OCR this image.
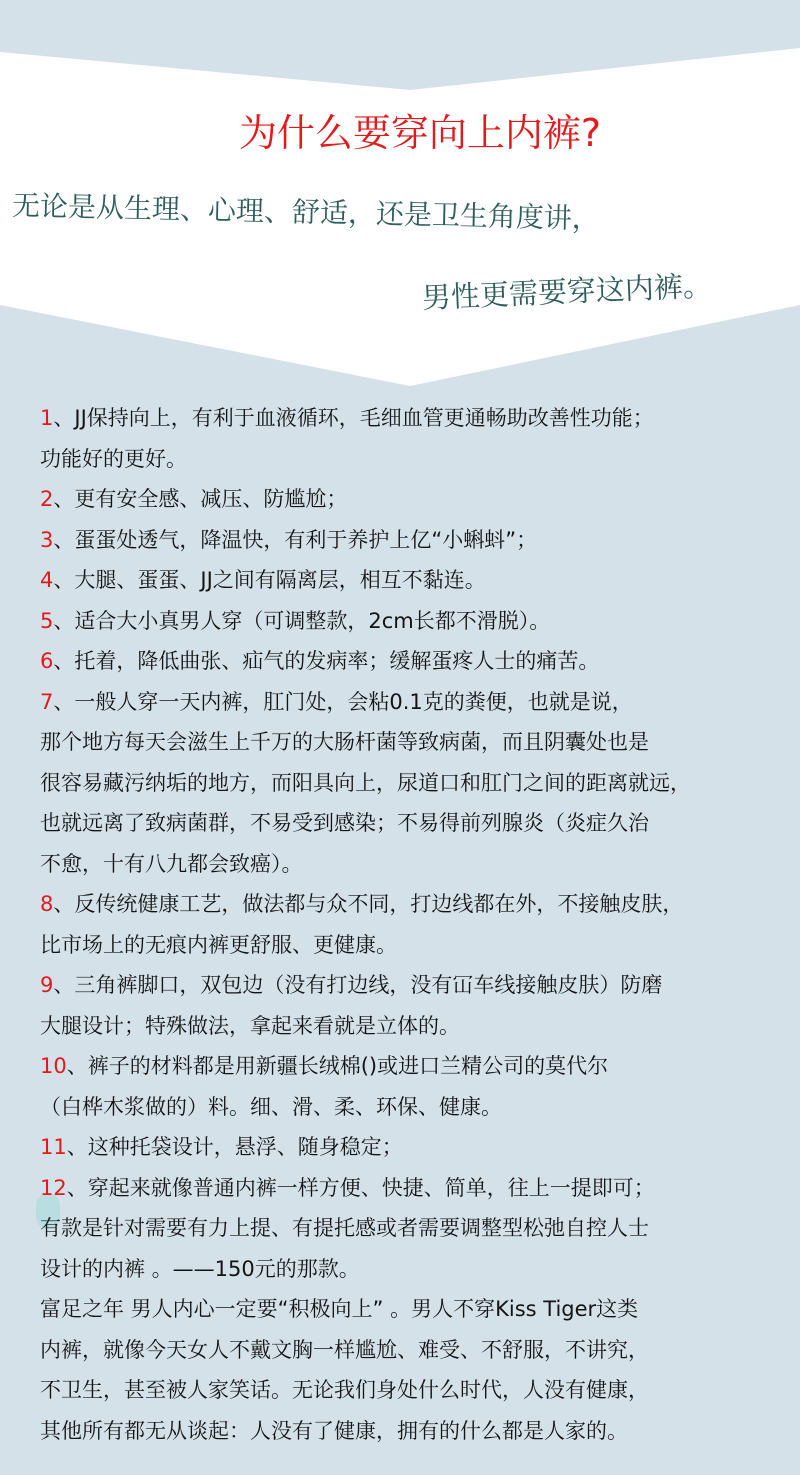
为什么要穿向上内裤?
无论是从生理、心理、舒适，还是卫生角度讲，
男性更需要穿这内裤。
1、JJ保持向上，有利于血液循环，毛细血管更通畅助改善性功能；
功能好的更好。
2、更有安全感、减压、防尴尬；
3、蛋蛋处透气，降温快，有利于养护上亿“小蝌蚪”；
4、大腿、蛋蛋、JJ之间有隔离层，相互不黏连。
5、适合大小真男人穿（可调整款，2cm长都不滑脱）。
6、托着，降低曲张、疝气的发病率；缓解蛋疼人士的痛苦。
7、一般人穿一天内裤，肛门处，会粘0.1克的粪便，也就是说，
那个地方每天会滋生上千万的大肠杆菌等致病菌，而且阴囊处也是
很容易藏污纳垢的地方，而阳具向上，尿道口和肛门之间的距离就远，
也就远离了致病菌群，不易受到感染；不易得前列腺炎（炎症久治
不愈，十有八九都会致癌）。
8、反传统健康工艺，做法都与众不同，打边线都在外，不接触皮肤，
比市场上的无痕内裤更舒服、更健康。
9、三角裤脚口，双包边（没有打边线，没有冚车线接触皮肤）防磨
大腿设计；特殊做法，拿起来看就是立体的。
10、裤子的材料都是用新疆长绒棉()或进口兰精公司的莫代尔
（白桦木浆做的）料。细、滑、柔、环保、健康。
11、这种托袋设计，悬浮、随身稳定；
12、穿起来就像普通内裤一样方便、快捷、简单，往上一提即可；
有款是针对需要有力上提、有提托感或者需要调整型松弛自控人士
设计的内裤 。——150元的那款。
富足之年 男人内心一定要“积极向上” 。男人不穿Kiss Tiger这类
内裤，就像今天女人不戴文胸一样尴尬、难受、不舒服，不讲究，
不卫生，甚至被人家笑话。无论我们身处什么时代，人没有健康，
其他所有都无从谈起：人没有了健康，拥有的什么都是人家的。
